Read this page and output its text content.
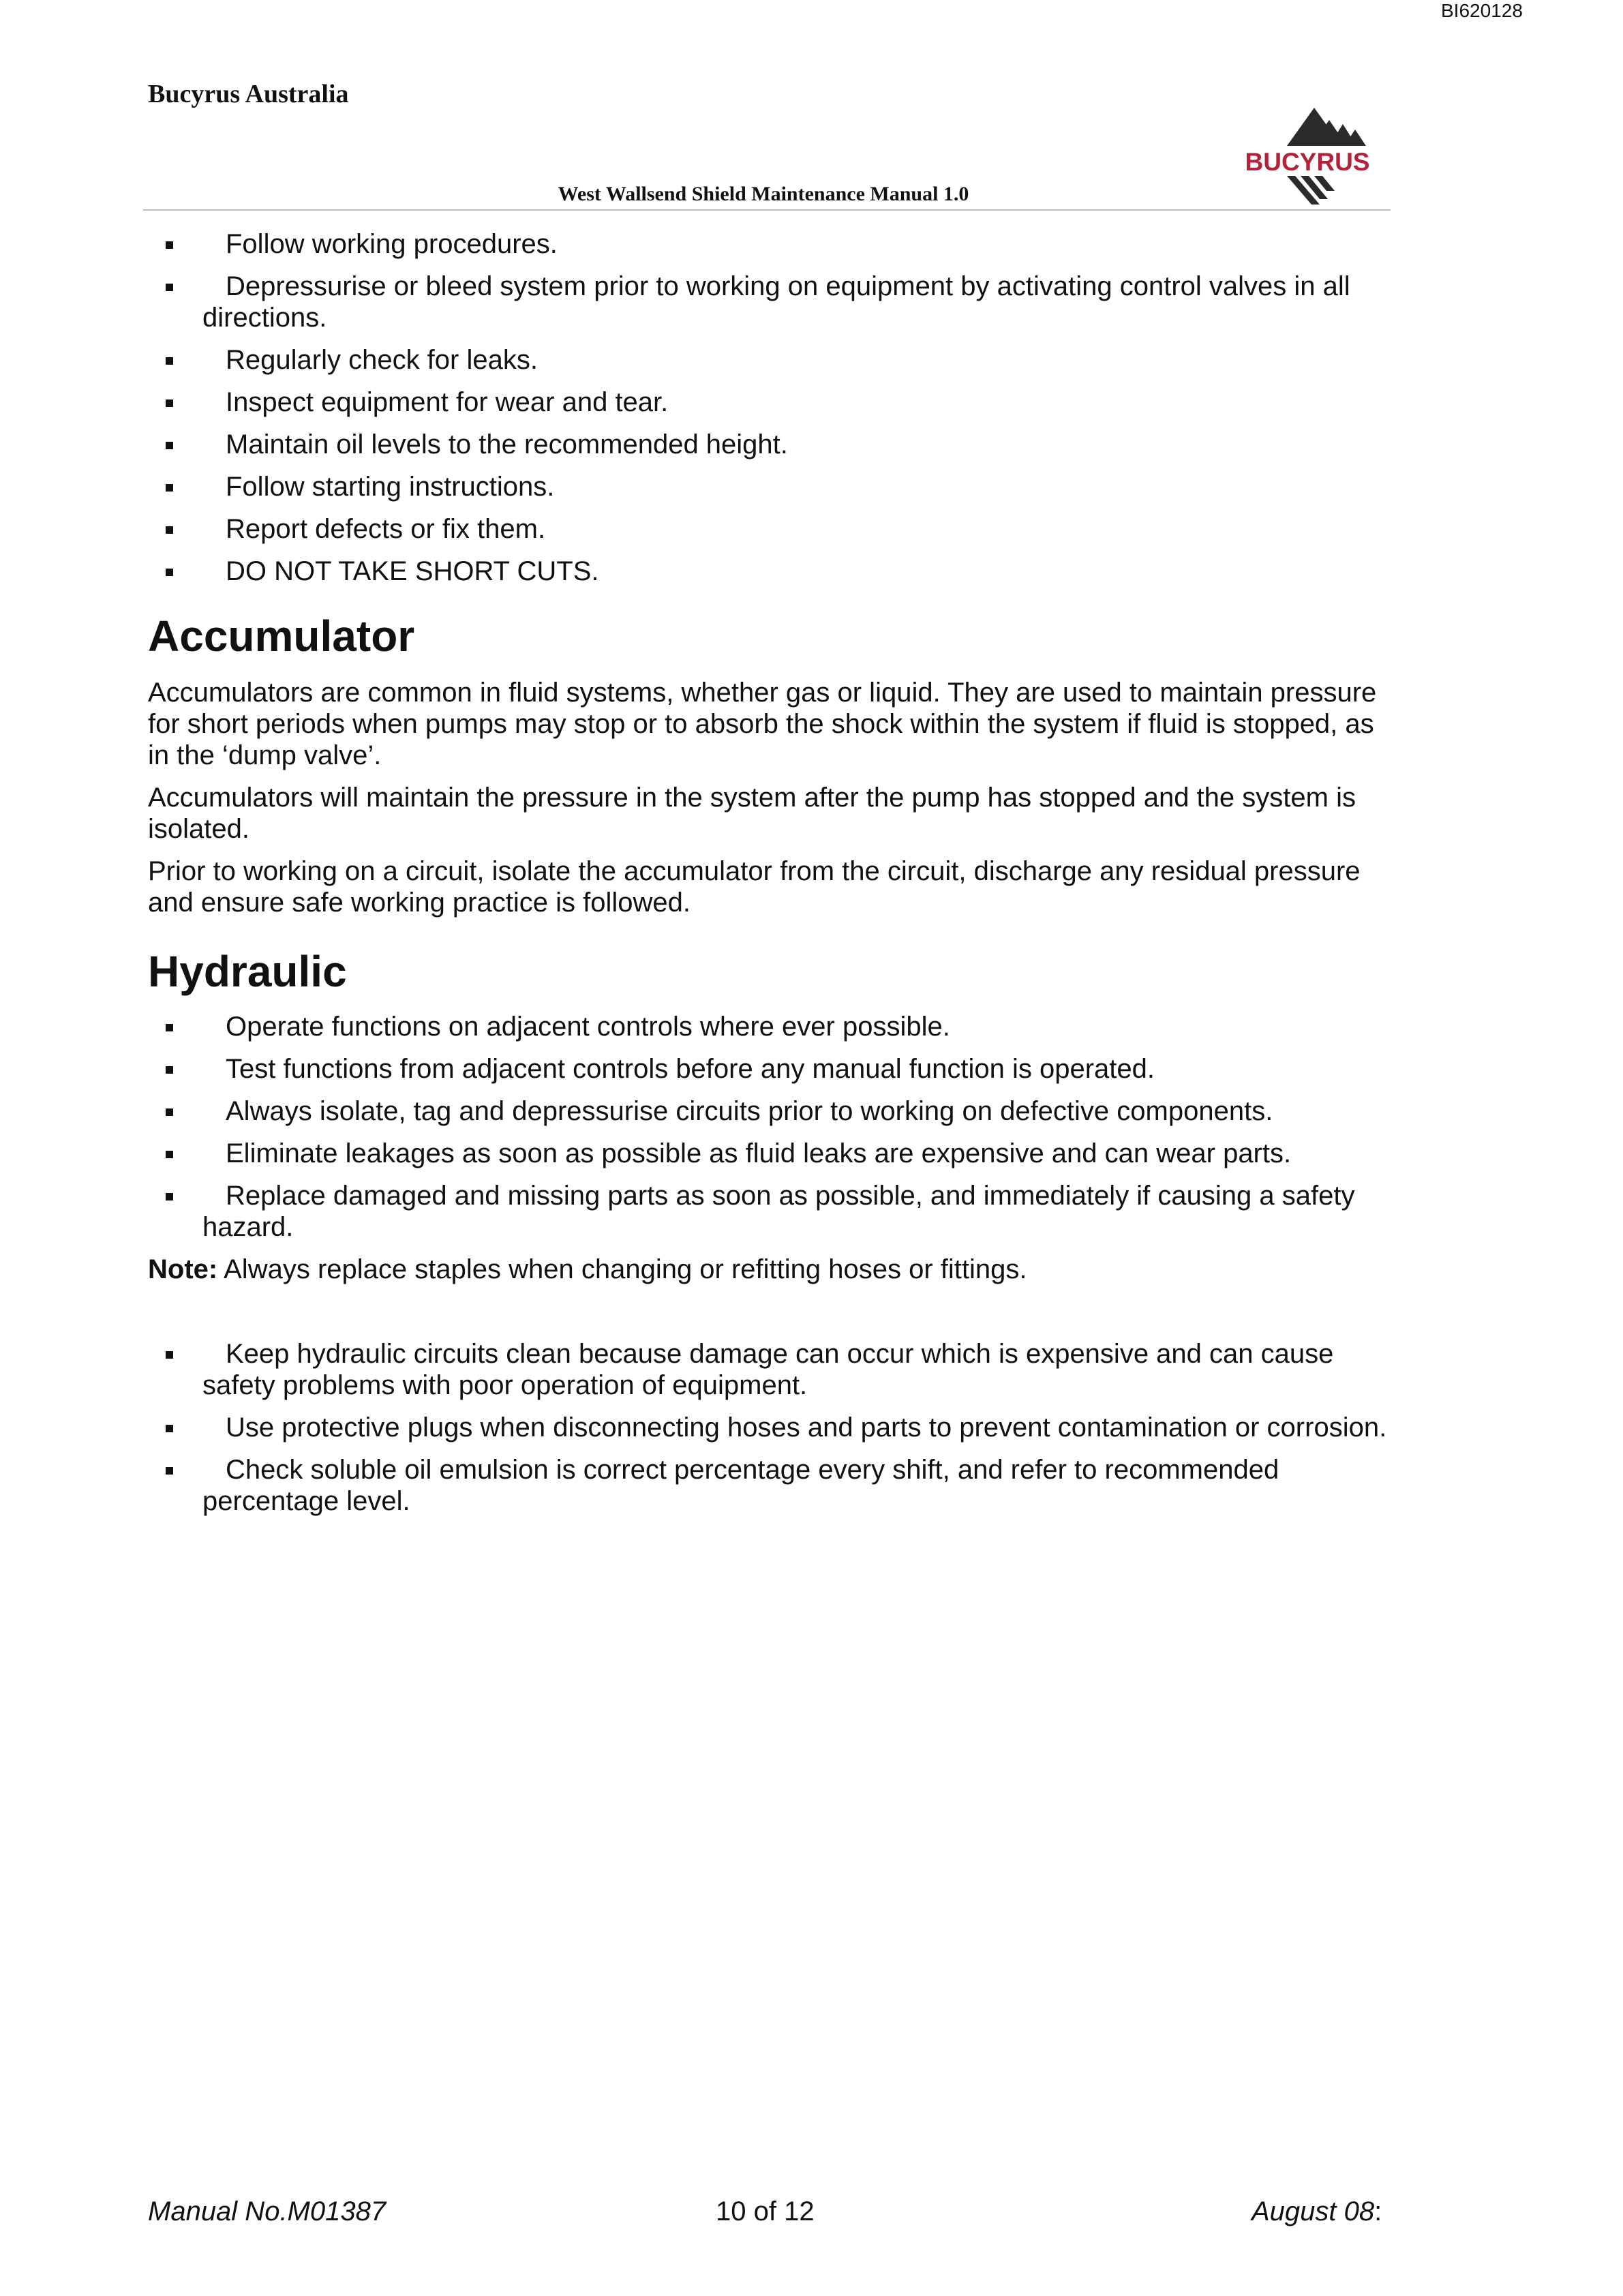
BI620128
Bucyrus Australia
BUCYRUS
West Wallsend Shield Maintenance Manual 1.0
Follow working procedures.
Depressurise or bleed system prior to working on equipment by activating control valves in all directions.
Regularly check for leaks.
Inspect equipment for wear and tear.
Maintain oil levels to the recommended height.
Follow starting instructions.
Report defects or fix them.
DO NOT TAKE SHORT CUTS.
Accumulator

Accumulators are common in fluid systems, whether gas or liquid. They are used to maintain pressure for short periods when pumps may stop or to absorb the shock within the system if fluid is stopped, as in the ‘dump valve’.

Accumulators will maintain the pressure in the system after the pump has stopped and the system is isolated.

Prior to working on a circuit, isolate the accumulator from the circuit, discharge any residual pressure and ensure safe working practice is followed.

Hydraulic
Operate functions on adjacent controls where ever possible.
Test functions from adjacent controls before any manual function is operated.
Always isolate, tag and depressurise circuits prior to working on defective components.
Eliminate leakages as soon as possible as fluid leaks are expensive and can wear parts.
Replace damaged and missing parts as soon as possible, and immediately if causing a safety hazard.

Note: Always replace staples when changing or refitting hoses or fittings.

Keep hydraulic circuits clean because damage can occur which is expensive and can cause safety problems with poor operation of equipment.
Use protective plugs when disconnecting hoses and parts to prevent contamination or corrosion.
Check soluble oil emulsion is correct percentage every shift, and refer to recommended percentage level.
Manual No.M01387	10 of 12	August 08:
